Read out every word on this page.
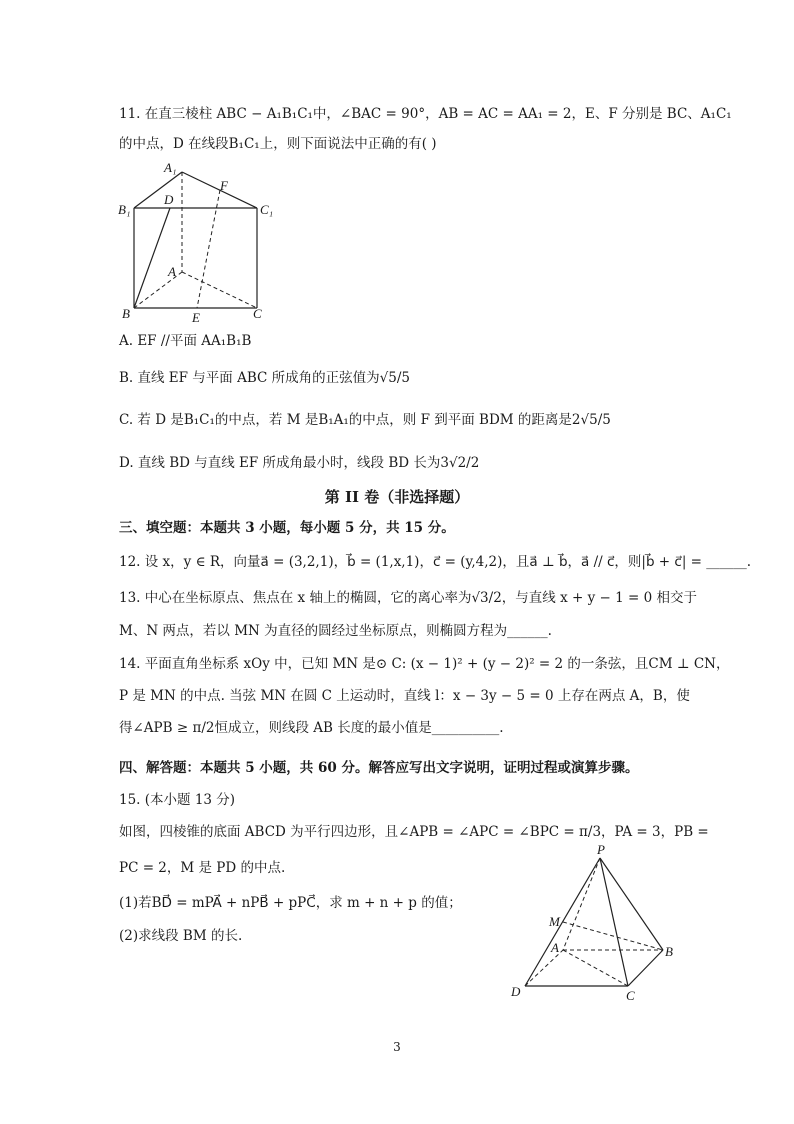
11. 在直三棱柱 ABC − A₁B₁C₁中，∠BAC = 90°，AB = AC = AA₁ = 2，E、F 分别是 BC、A₁C₁
的中点，D 在线段B₁C₁上，则下面说法中正确的有( )
A₁
B₁	C₁
D
F
A
B	C
E
A. EF //平面 AA₁B₁B
B. 直线 EF 与平面 ABC 所成角的正弦值为√5/5
C. 若 D 是B₁C₁的中点，若 M 是B₁A₁的中点，则 F 到平面 BDM 的距离是2√5/5
D. 直线 BD 与直线 EF 所成角最小时，线段 BD 长为3√2/2
第 II 卷（非选择题）
三、填空题：本题共 3 小题，每小题 5 分，共 15 分。
12. 设 x，y ∈ R，向量a⃗ = (3,2,1)，b⃗ = (1,x,1)，c⃗ = (y,4,2)，且a⃗ ⊥ b⃗，a⃗ // c⃗，则|b⃗ + c⃗| = ______.
13. 中心在坐标原点、焦点在 x 轴上的椭圆，它的离心率为√3/2，与直线 x + y − 1 = 0 相交于
M、N 两点，若以 MN 为直径的圆经过坐标原点，则椭圆方程为______.
14. 平面直角坐标系 xOy 中，已知 MN 是⊙ C: (x − 1)² + (y − 2)² = 2 的一条弦，且CM ⊥ CN，
P 是 MN 的中点. 当弦 MN 在圆 C 上运动时，直线 l：x − 3y − 5 = 0 上存在两点 A，B，使
得∠APB ≥ π/2恒成立，则线段 AB 长度的最小值是__________.
四、解答题：本题共 5 小题，共 60 分。解答应写出文字说明，证明过程或演算步骤。
15. (本小题 13 分)
如图，四棱锥的底面 ABCD 为平行四边形，且∠APB = ∠APC = ∠BPC = π/3，PA = 3，PB =
PC = 2，M 是 PD 的中点.
(1)若BD⃗ = mPA⃗ + nPB⃗ + pPC⃗，求 m + n + p 的值；
(2)求线段 BM 的长.
P
M
A	B
C
D
3
